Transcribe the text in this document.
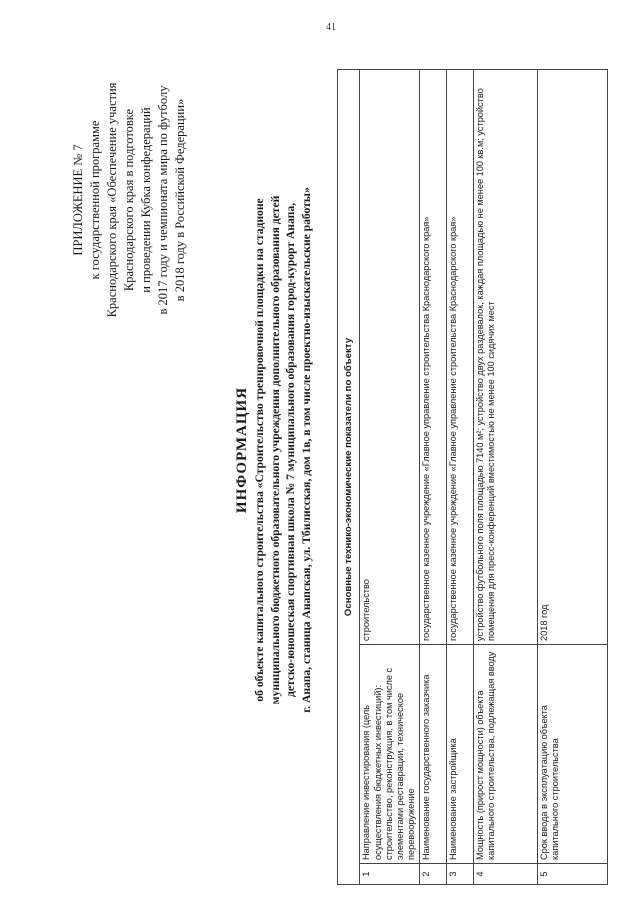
41
ПРИЛОЖЕНИЕ № 7 к государственной программе Краснодарского края «Обеспечение участия Краснодарского края в подготовке и проведении Кубка конфедераций в 2017 году и чемпионата мира по футболу в 2018 году в Российской Федерации»
ИНФОРМАЦИЯ об объекте капитального строительства «Строительство тренировочной площадки на стадионе муниципального бюджетного образовательного учреждения дополнительного образования детей детско-юношеская спортивная школа № 7 муниципального образования город-курорт Анапа, г. Анапа, станица Анапская, ул. Тбилисская, дом 1в, в том числе проектно-изыскательские работы»	Основные технико-экономические показатели по объекту		
1	Направление инвестирования (цель осуществления бюджетных инвестиций): строительство, реконструкция, в том числе с элементами реставрации, техническое перевооружение	строительство
2	Наименование государственного заказчика	государственное казенное учреждение «Главное управление строительства Краснодарского края»
3	Наименование застройщика	государственное казенное учреждение «Главное управление строительства Краснодарского края»
4	Мощность (прирост мощности) объекта капитального строительства, подлежащая вводу	устройство футбольного поля площадью 7140 м²; устройство двух раздевалок, каждая площадью не менее 100 кв.м; устройство помещения для пресс-конференций вместимостью не менее 100 сидячих мест
5	Срок ввода в эксплуатацию объекта капитального строительства	2018 год
